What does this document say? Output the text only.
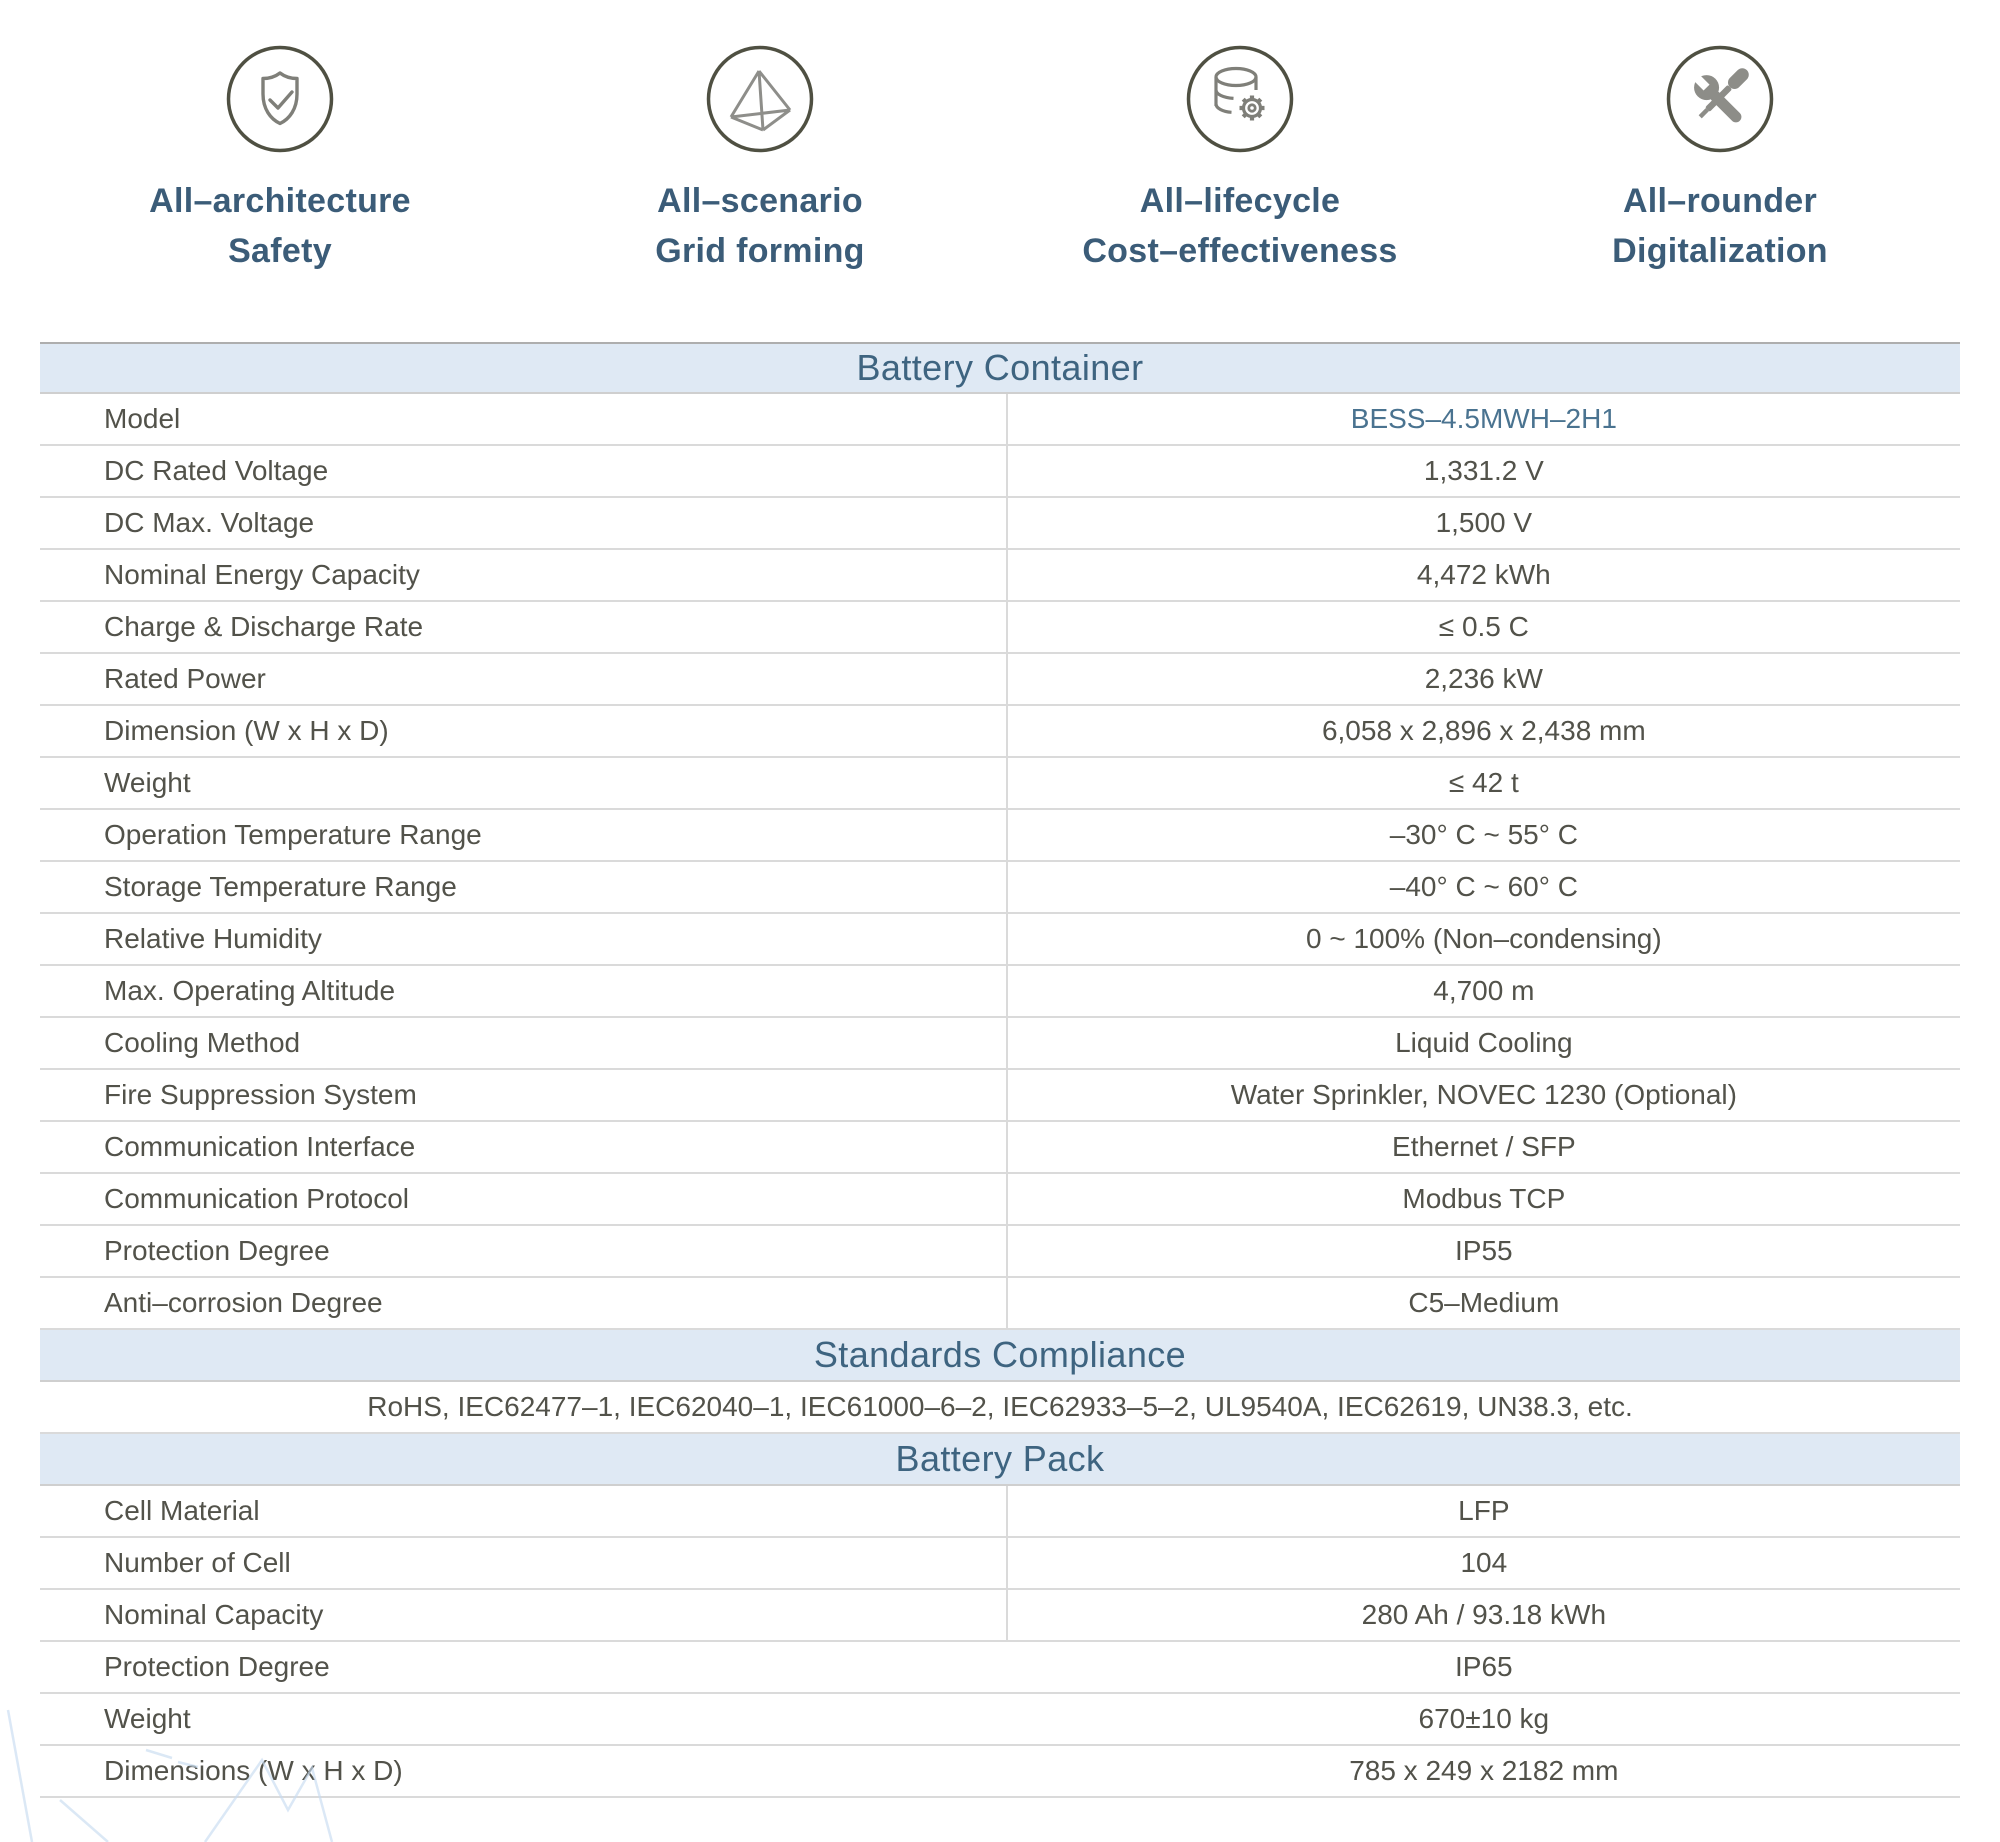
All–architecture
Safety
All–scenario
Grid forming
All–lifecycle
Cost–effectiveness
All–rounder
Digitalization
Battery Container
Model	BESS–4.5MWH–2H1
DC Rated Voltage	1,331.2 V
DC Max. Voltage	1,500 V
Nominal Energy Capacity	4,472 kWh
Charge & Discharge Rate	≤ 0.5 C
Rated Power	2,236 kW
Dimension (W x H x D)	6,058 x 2,896 x 2,438 mm
Weight	≤ 42 t
Operation Temperature Range	–30° C ~ 55° C
Storage Temperature Range	–40° C ~ 60° C
Relative Humidity	0 ~ 100% (Non–condensing)
Max. Operating Altitude	4,700 m
Cooling Method	Liquid Cooling
Fire Suppression System	Water Sprinkler, NOVEC 1230 (Optional)
Communication Interface	Ethernet / SFP
Communication Protocol	Modbus TCP
Protection Degree	IP55
Anti–corrosion Degree	C5–Medium
Standards Compliance
RoHS, IEC62477–1, IEC62040–1, IEC61000–6–2, IEC62933–5–2, UL9540A, IEC62619, UN38.3, etc.
Battery Pack
Cell Material	LFP
Number of Cell	104
Nominal Capacity	280 Ah / 93.18 kWh
Protection Degree	IP65
Weight	670±10 kg
Dimensions (W x H x D)	785 x 249 x 2182 mm
